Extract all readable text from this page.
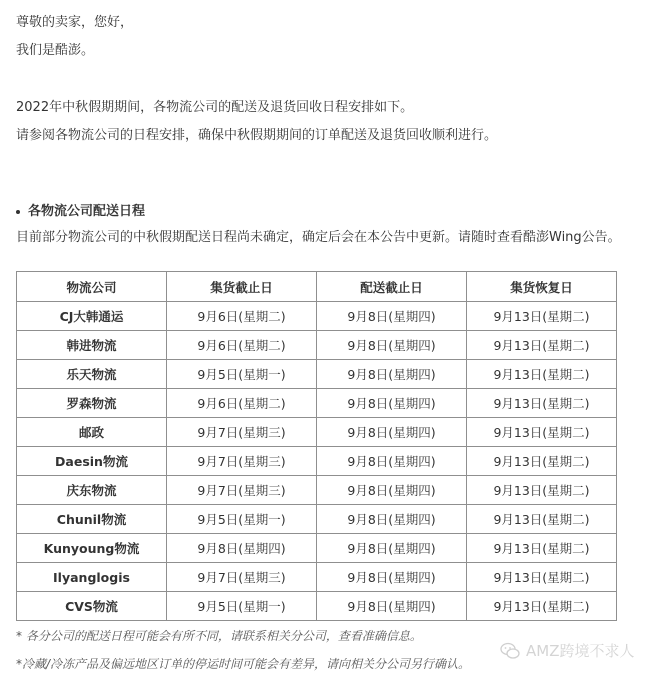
尊敬的卖家，您好，
我们是酷澎。
2022年中秋假期期间，各物流公司的配送及退货回收日程安排如下。
请参阅各物流公司的日程安排，确保中秋假期期间的订单配送及退货回收顺利进行。
各物流公司配送日程
目前部分物流公司的中秋假期配送日程尚未确定，确定后会在本公告中更新。请随时查看酷澎Wing公告。
物流公司	集货截止日	配送截止日	集货恢复日
CJ大韩通运	9月6日(星期二)	9月8日(星期四)	9月13日(星期二)
韩进物流	9月6日(星期二)	9月8日(星期四)	9月13日(星期二)
乐天物流	9月5日(星期一)	9月8日(星期四)	9月13日(星期二)
罗森物流	9月6日(星期二)	9月8日(星期四)	9月13日(星期二)
邮政	9月7日(星期三)	9月8日(星期四)	9月13日(星期二)
Daesin物流	9月7日(星期三)	9月8日(星期四)	9月13日(星期二)
庆东物流	9月7日(星期三)	9月8日(星期四)	9月13日(星期二)
Chunil物流	9月5日(星期一)	9月8日(星期四)	9月13日(星期二)
Kunyoung物流	9月8日(星期四)	9月8日(星期四)	9月13日(星期二)
Ilyanglogis	9月7日(星期三)	9月8日(星期四)	9月13日(星期二)
CVS物流	9月5日(星期一)	9月8日(星期四)	9月13日(星期二)
* 各分公司的配送日程可能会有所不同，请联系相关分公司，查看准确信息。
*冷藏/冷冻产品及偏远地区订单的停运时间可能会有差异，请向相关分公司另行确认。
AMZ跨境不求人
